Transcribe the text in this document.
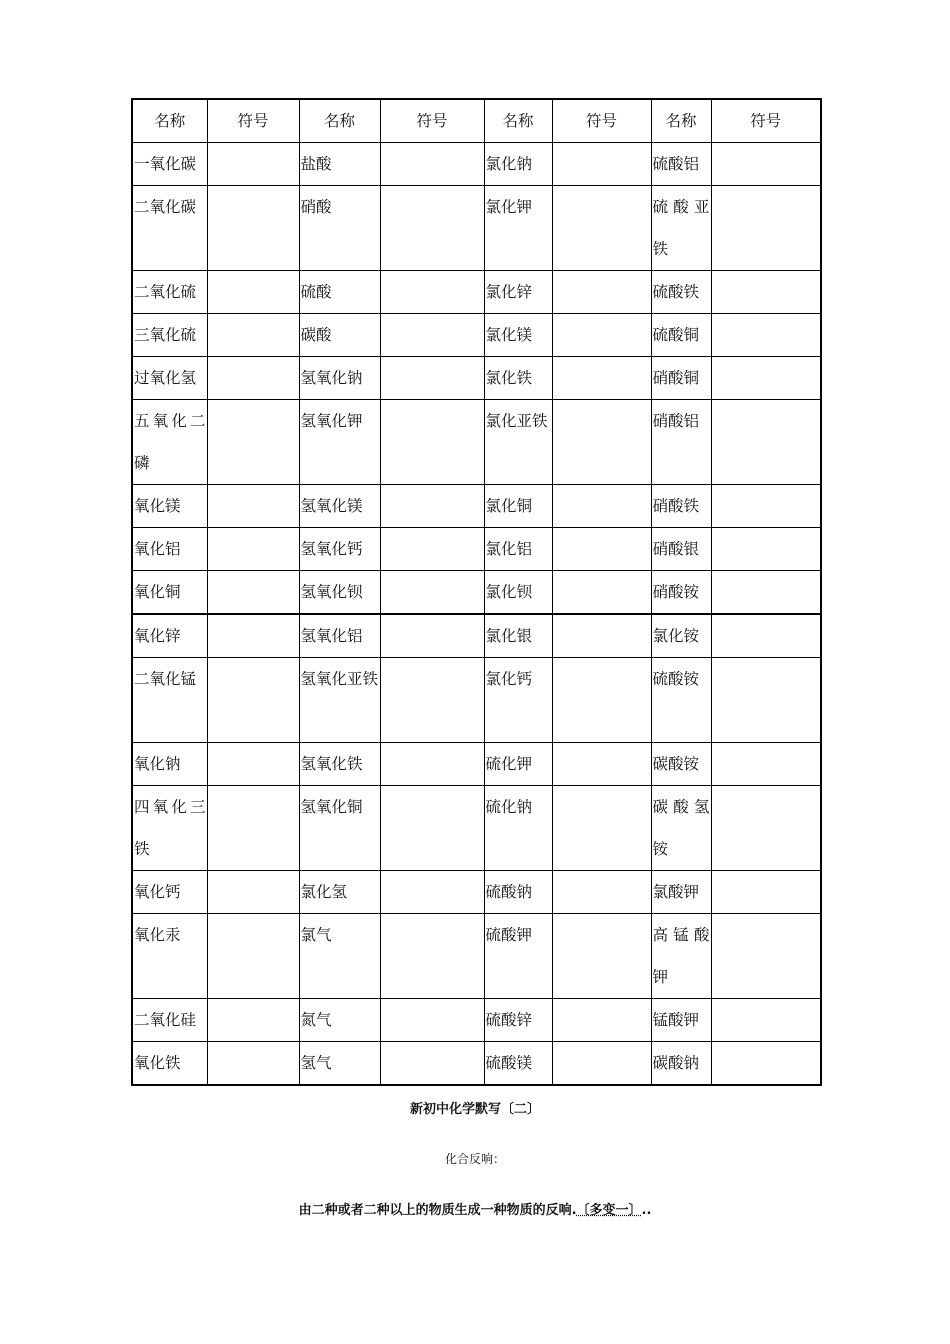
名称	符号	名称	符号	名称	符号	名称	符号
一氧化碳		盐酸		氯化钠		硫酸铝	
二氧化碳		硝酸		氯化钾		硫酸亚铁	
二氧化硫		硫酸		氯化锌		硫酸铁	
三氧化硫		碳酸		氯化镁		硫酸铜	
过氧化氢		氢氧化钠		氯化铁		硝酸铜	
五氧化二磷		氢氧化钾		氯化亚铁		硝酸铝	
氧化镁		氢氧化镁		氯化铜		硝酸铁	
氧化铝		氢氧化钙		氯化铝		硝酸银	
氧化铜		氢氧化钡		氯化钡		硝酸铵	
氧化锌		氢氧化铝		氯化银		氯化铵	
二氧化锰		氢氧化亚铁		氯化钙		硫酸铵	
氧化钠		氢氧化铁		硫化钾		碳酸铵	
四氧化三铁		氢氧化铜		硫化钠		碳酸氢铵	
氧化钙		氯化氢		硫酸钠		氯酸钾	
氧化汞		氯气		硫酸钾		高锰酸钾	
二氧化硅		氮气		硫酸锌		锰酸钾	
氧化铁		氢气		硫酸镁		碳酸钠	
新初中化学默写〔二〕
化合反响：
由二种或者二种以上的物质生成一种物质的反响.〔多变一〕..
